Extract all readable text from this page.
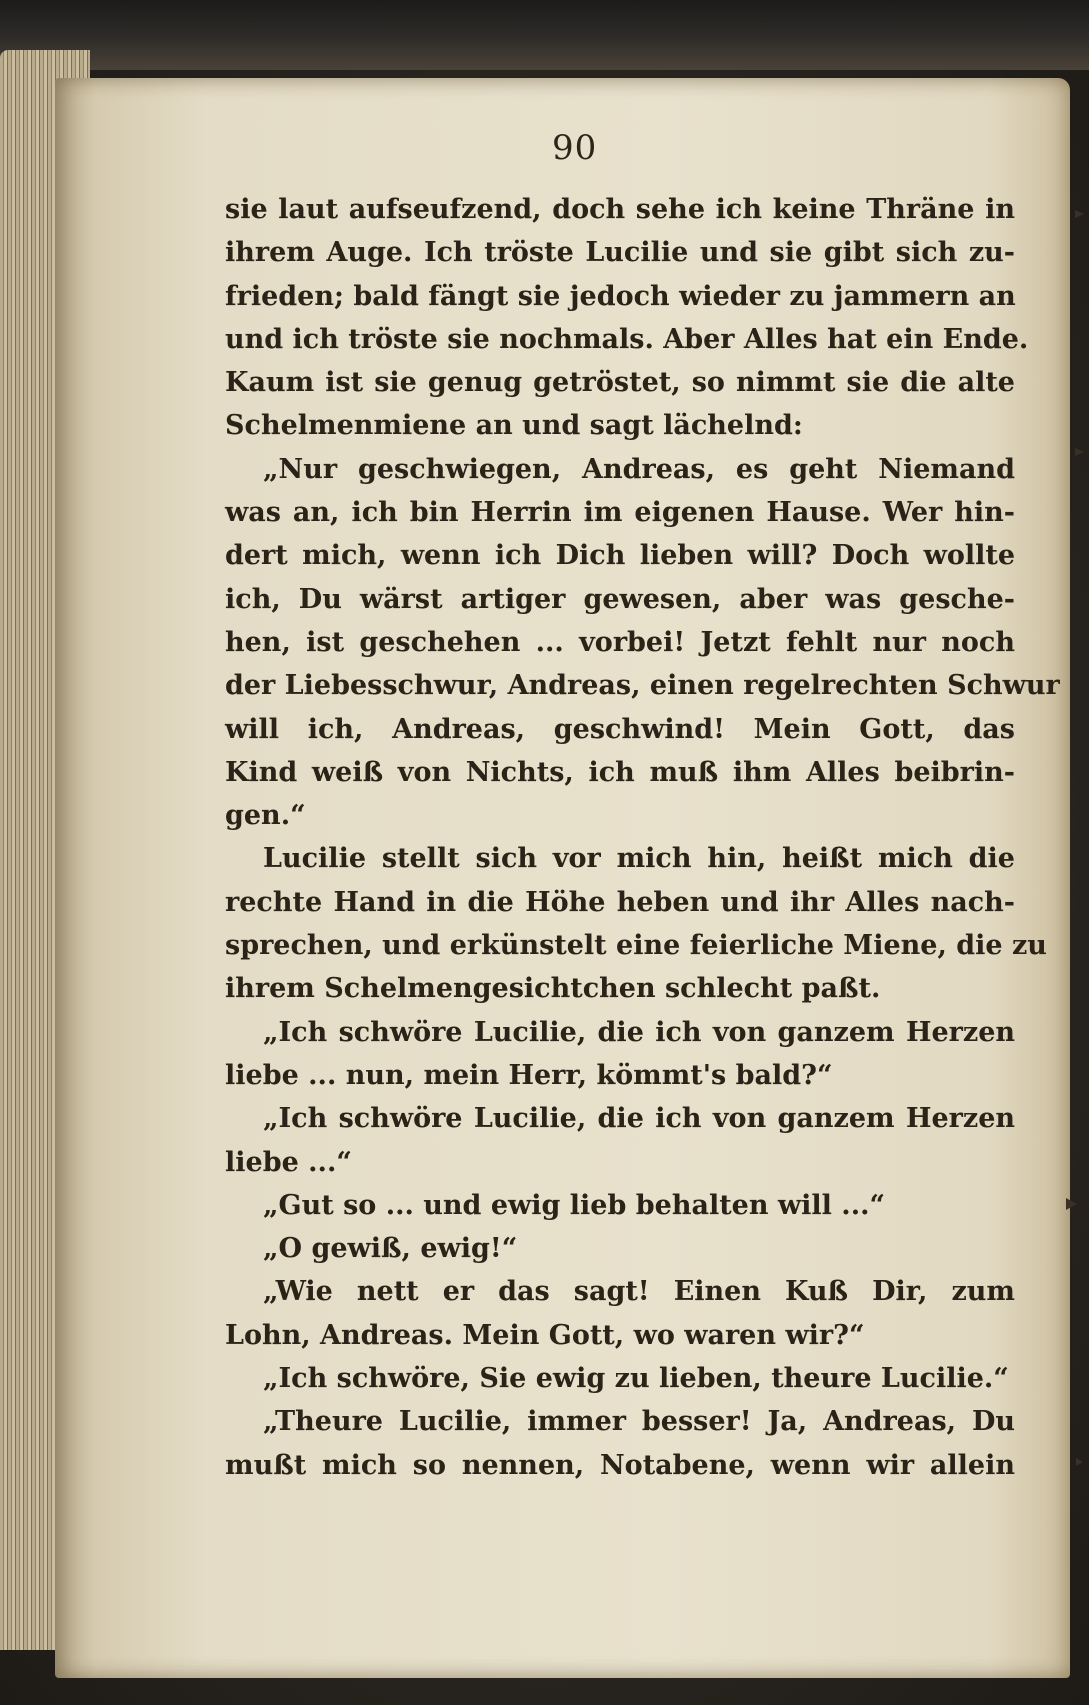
90
sie laut aufseufzend, doch sehe ich keine Thräne in
ihrem Auge. Ich tröste Lucilie und sie gibt sich zu-
frieden; bald fängt sie jedoch wieder zu jammern an
und ich tröste sie nochmals. Aber Alles hat ein Ende.
Kaum ist sie genug getröstet, so nimmt sie die alte
Schelmenmiene an und sagt lächelnd:
„Nur geschwiegen, Andreas, es geht Niemand
was an, ich bin Herrin im eigenen Hause. Wer hin-
dert mich, wenn ich Dich lieben will? Doch wollte
ich, Du wärst artiger gewesen, aber was gesche-
hen, ist geschehen ... vorbei! Jetzt fehlt nur noch
der Liebesschwur, Andreas, einen regelrechten Schwur
will ich, Andreas, geschwind! Mein Gott, das
Kind weiß von Nichts, ich muß ihm Alles beibrin-
gen.“
Lucilie stellt sich vor mich hin, heißt mich die
rechte Hand in die Höhe heben und ihr Alles nach-
sprechen, und erkünstelt eine feierliche Miene, die zu
ihrem Schelmengesichtchen schlecht paßt.
„Ich schwöre Lucilie, die ich von ganzem Herzen
liebe ... nun, mein Herr, kömmt's bald?“
„Ich schwöre Lucilie, die ich von ganzem Herzen
liebe ...“
„Gut so ... und ewig lieb behalten will ...“
„O gewiß, ewig!“
„Wie nett er das sagt! Einen Kuß Dir, zum
Lohn, Andreas. Mein Gott, wo waren wir?“
„Ich schwöre, Sie ewig zu lieben, theure Lucilie.“
„Theure Lucilie, immer besser! Ja, Andreas, Du
mußt mich so nennen, Notabene, wenn wir allein
